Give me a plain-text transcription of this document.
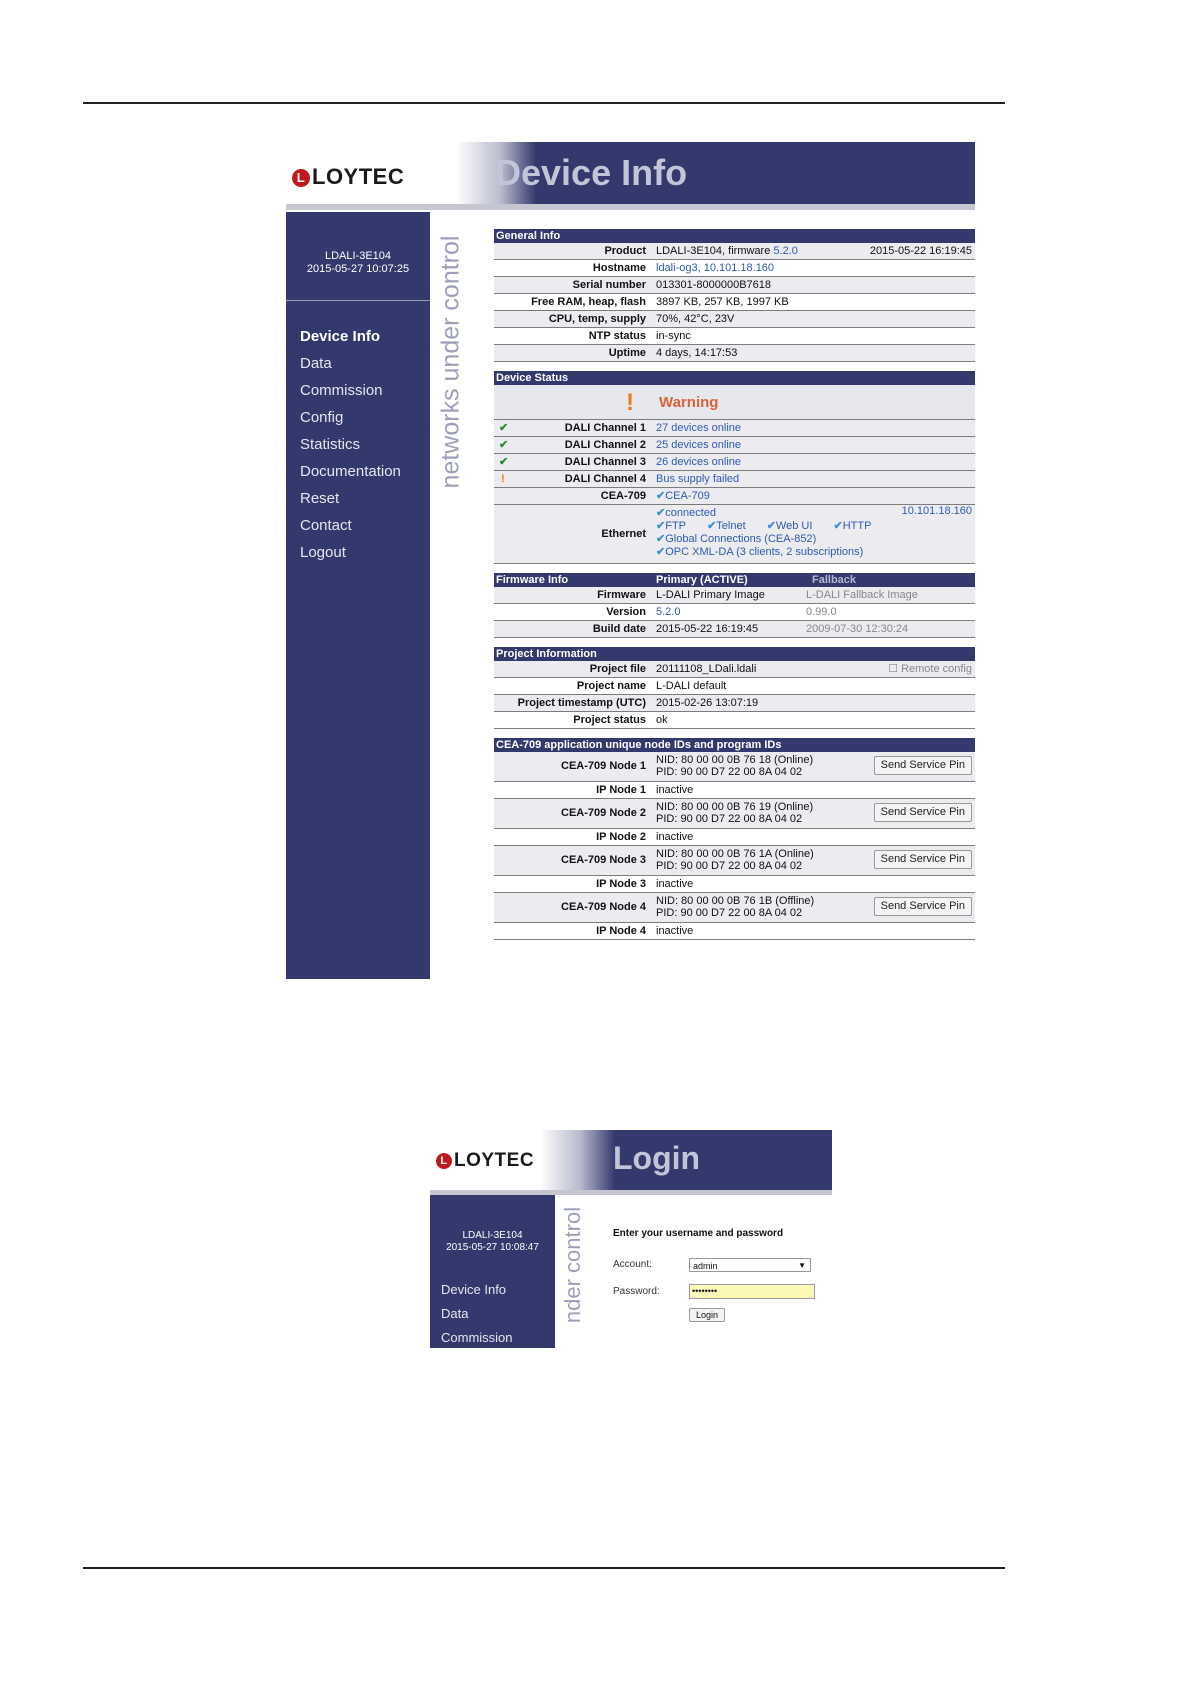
L LOYTEC	Device Info
LDALI-3E104
2015-05-27 10:07:25
Device Info
Data
Commission
Config
Statistics
Documentation
Reset
Contact
Logout
networks under control	General Info
Product LDALI-3E104, firmware 5.2.0	2015-05-22 16:19:45
Hostname ldali-og3, 10.101.18.160
Serial number 013301-8000000B7618
Free RAM, heap, flash 3897 KB, 257 KB, 1997 KB
CPU, temp, supply 70%, 42°C, 23V
NTP status in-sync
Uptime 4 days, 14:17:53
Device Status
! Warning
✔	DALI Channel 1 27 devices online
✔	DALI Channel 2 25 devices online
✔	DALI Channel 3 26 devices online
!	DALI Channel 4 Bus supply failed
CEA-709 ✔CEA-709
Ethernet
✔connected	10.101.18.160
✔FTP ✔Telnet ✔Web UI ✔HTTP
✔Global Connections (CEA-852)
✔OPC XML-DA (3 clients, 2 subscriptions)
Firmware Info	Primary (ACTIVE)	Fallback
Firmware L-DALI Primary Image	L-DALI Fallback Image
Version 5.2.0	0.99.0
Build date 2015-05-22 16:19:45	2009-07-30 12:30:24
Project Information
Project file 20111108_LDali.ldali	☐ Remote config
Project name L-DALI default
Project timestamp (UTC) 2015-02-26 13:07:19
Project status ok
CEA-709 application unique node IDs and program IDs
CEA-709 Node 1 NID: 80 00 00 0B 76 18 (Online)
PID: 90 00 D7 22 00 8A 04 02
Send Service Pin
IP Node 1 inactive
CEA-709 Node 2 NID: 80 00 00 0B 76 19 (Online)
PID: 90 00 D7 22 00 8A 04 02
Send Service Pin
IP Node 2 inactive
CEA-709 Node 3 NID: 80 00 00 0B 76 1A (Online)
PID: 90 00 D7 22 00 8A 04 02
Send Service Pin
IP Node 3 inactive
CEA-709 Node 4 NID: 80 00 00 0B 76 1B (Offline)
PID: 90 00 D7 22 00 8A 04 02
Send Service Pin
IP Node 4 inactive
L LOYTEC Login
LDALI-3E104
2015-05-27 10:08:47
Device Info
Data
Commission
nder control	Enter your username and password
Account:	admin	▼
Password:	••••••••
Login
